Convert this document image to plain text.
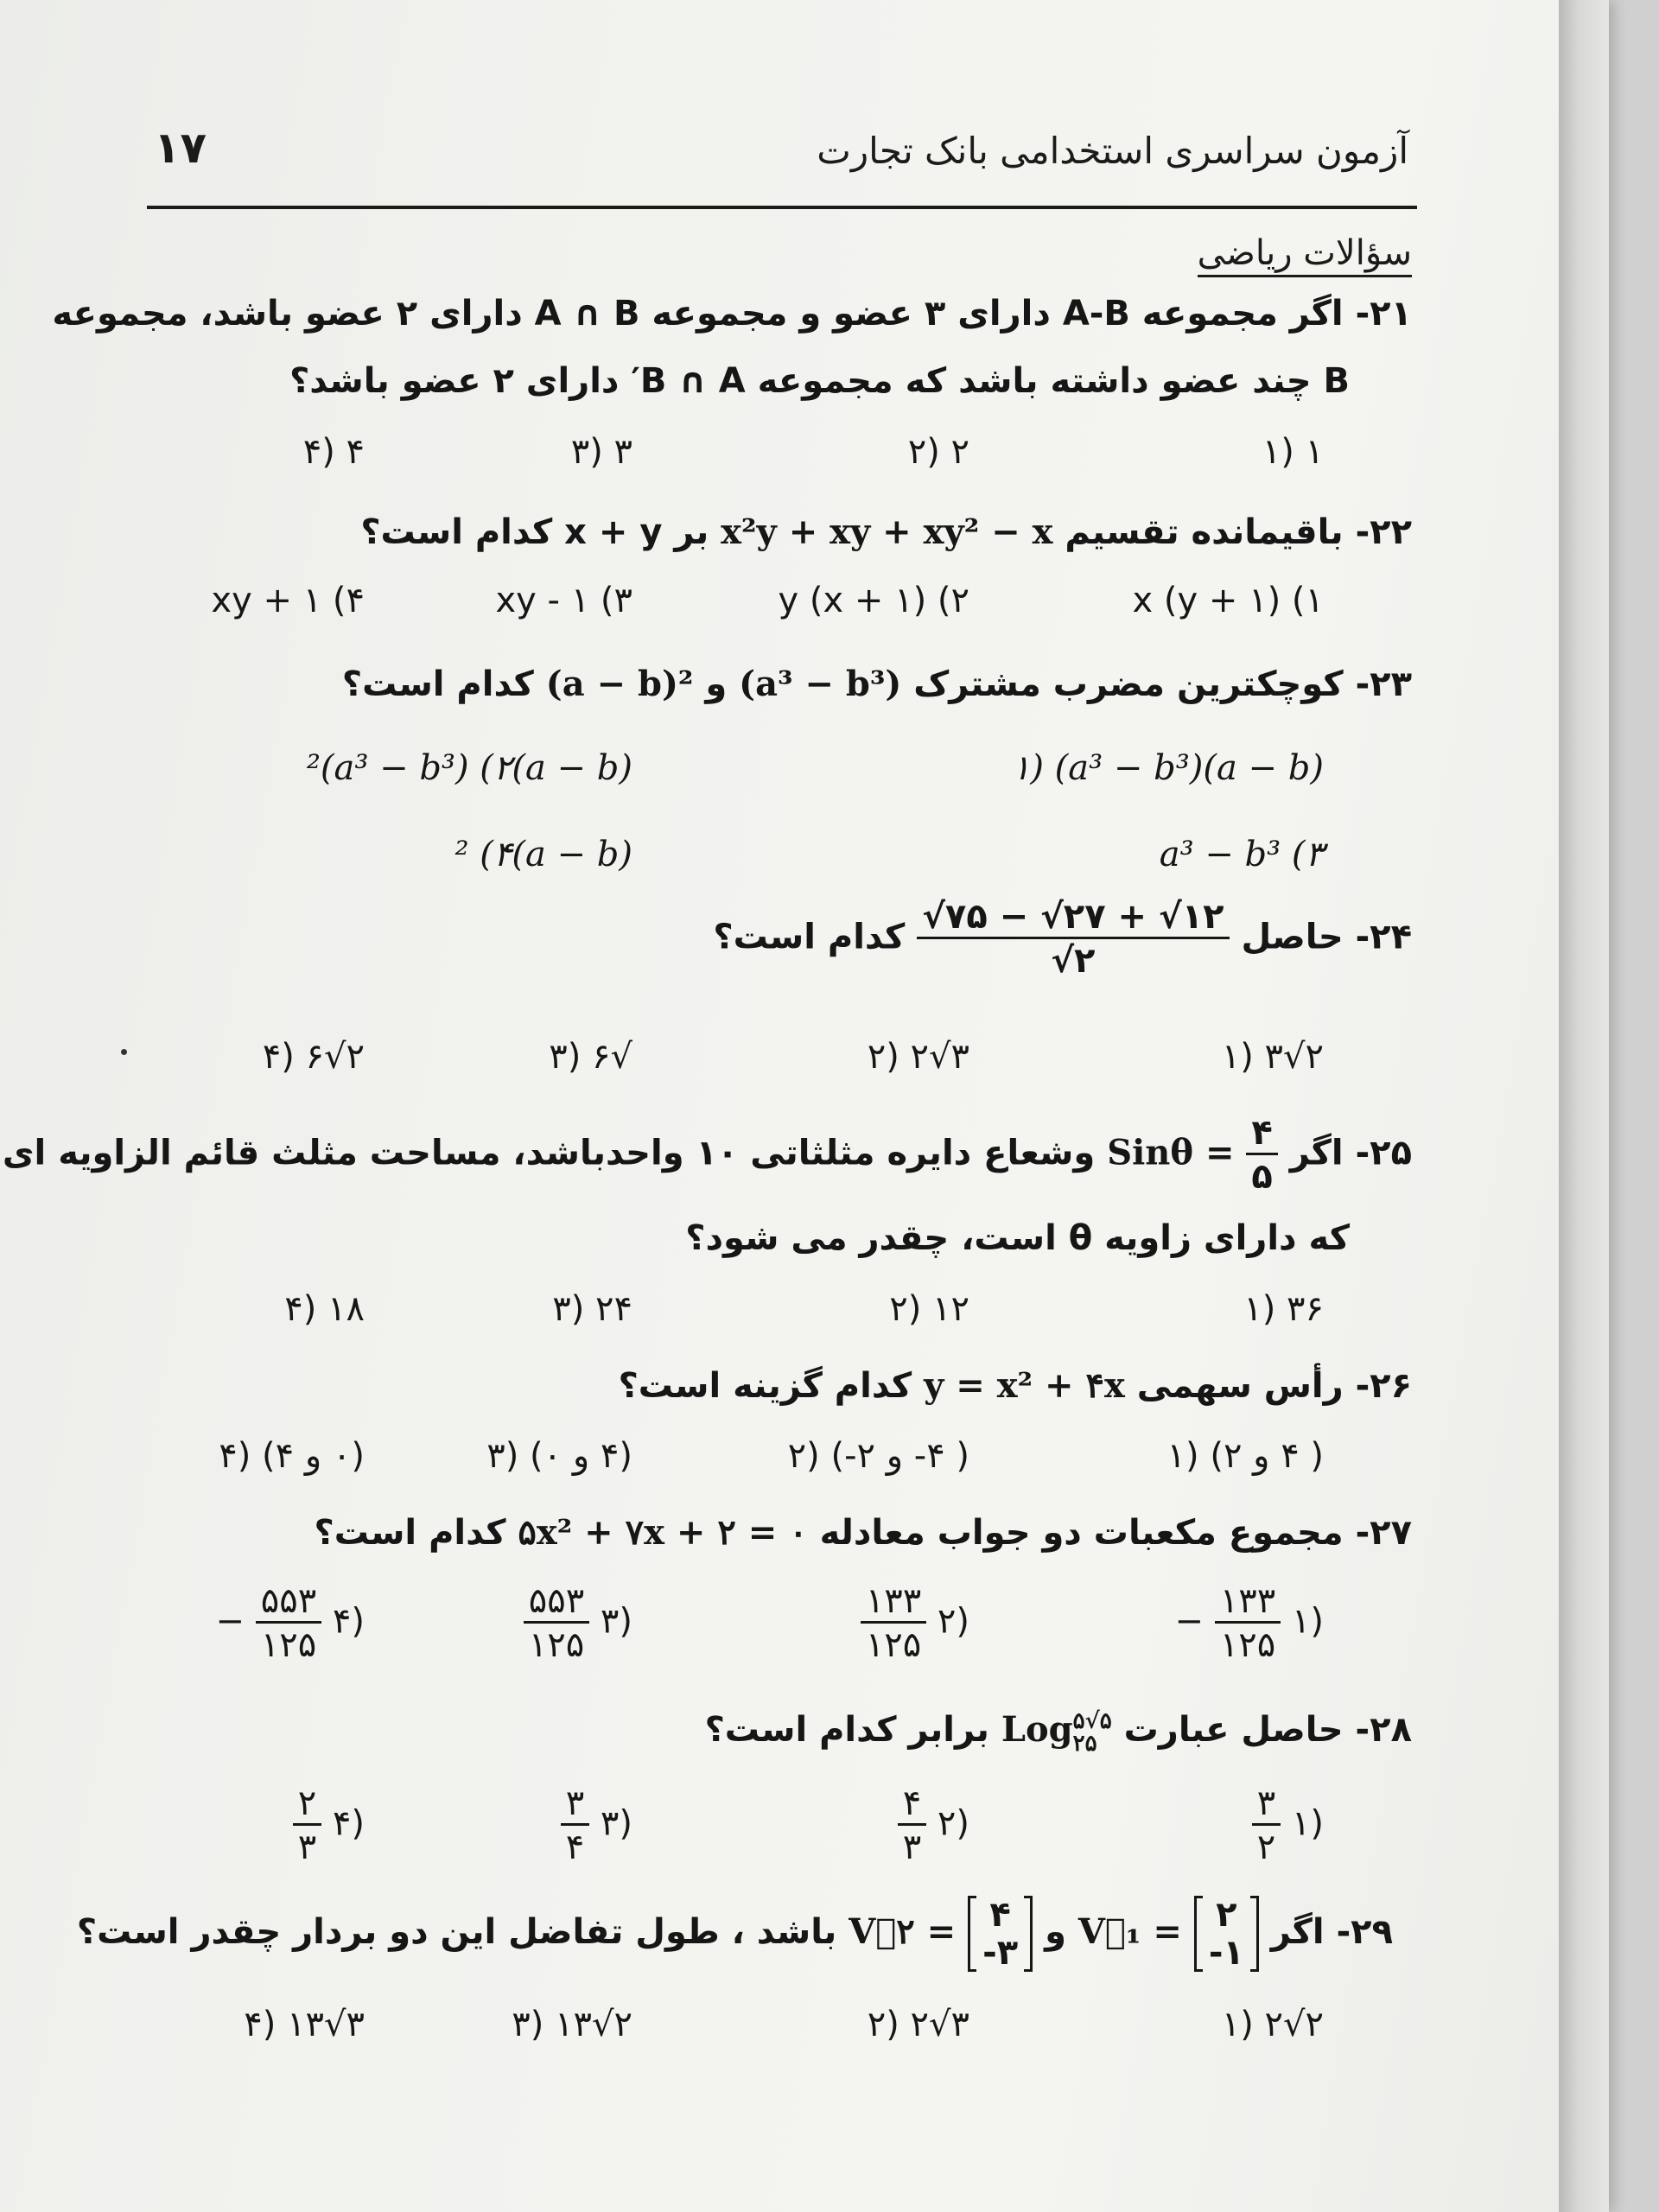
آزمون سراسری استخدامی بانک تجارت
۱۷
سؤالات ریاضی
۲۱- اگر مجموعه A-B دارای ۳ عضو و مجموعه A ∩ B دارای ۲ عضو باشد، مجموعه
B چند عضو داشته باشد که مجموعه B ∩ A′ دارای ۲ عضو باشد؟
۱ (۱
۲ (۲
۳ (۳
۴ (۴
۲۲- باقیمانده تقسیم x²y + xy + xy² − x بر x + y کدام است؟
x (y + ۱) (۱
y (x + ۱) (۲
xy - ۱ (۳
xy + ۱ (۴
۲۳- کوچکترین مضرب مشترک (a³ − b³) و (a − b)² کدام است؟
(a − b)(a³ − b³) (۱
(a − b)²(a³ − b³) (۲
a³ − b³ (۳
(a − b)² (۴
۲۴- حاصل
$\frac{√۷۵ - √۲۷ + √۱۲}{√۲}$
کدام است؟
۲√۳ (۱
۳√۲ (۲
√۶ (۳
۲√۶ (۴
۲۵- اگر
$\frac{۴}{۵}$
Sinθ = وشعاع دایره مثلثاتی ۱۰ واحدباشد، مساحت مثلث قائم الزاویه ای
که دارای زاویه θ است، چقدر می شود؟
۳۶ (۱
۱۲ (۲
۲۴ (۳
۱۸ (۴
۲۶- رأس سهمی y = x² + ۴x کدام گزینه است؟
( ۴ و ۲) (۱
( ۴- و ۲-) (۲
(۴ و ۰) (۳
(۰ و ۴) (۴
۲۷- مجموع مکعبات دو جواب معادله ۵x² + ۷x + ۲ = ۰ کدام است؟
(۱
$\frac{۱۳۳}{۱۲۵}$
−
(۲
$\frac{۱۳۳}{۱۲۵}$
(۳
$\frac{۵۵۳}{۱۲۵}$
(۴
$\frac{۵۵۳}{۱۲۵}$
−
۲۸- حاصل عبارت Log ۵√۵
۲۵
برابر کدام است؟
(۱
$\frac{۳}{۲}$
(۲
$\frac{۴}{۳}$
(۳
$\frac{۳}{۴}$
(۴
$\frac{۲}{۳}$
۲۹- اگر
۲
-۱
V⃗₁ = و
۴
-۳
V⃗۲ = باشد ، طول تفاضل این دو بردار چقدر است؟
۲√۲ (۱
۳√۲ (۲
۲√۱۳ (۳
۳√۱۳ (۴
